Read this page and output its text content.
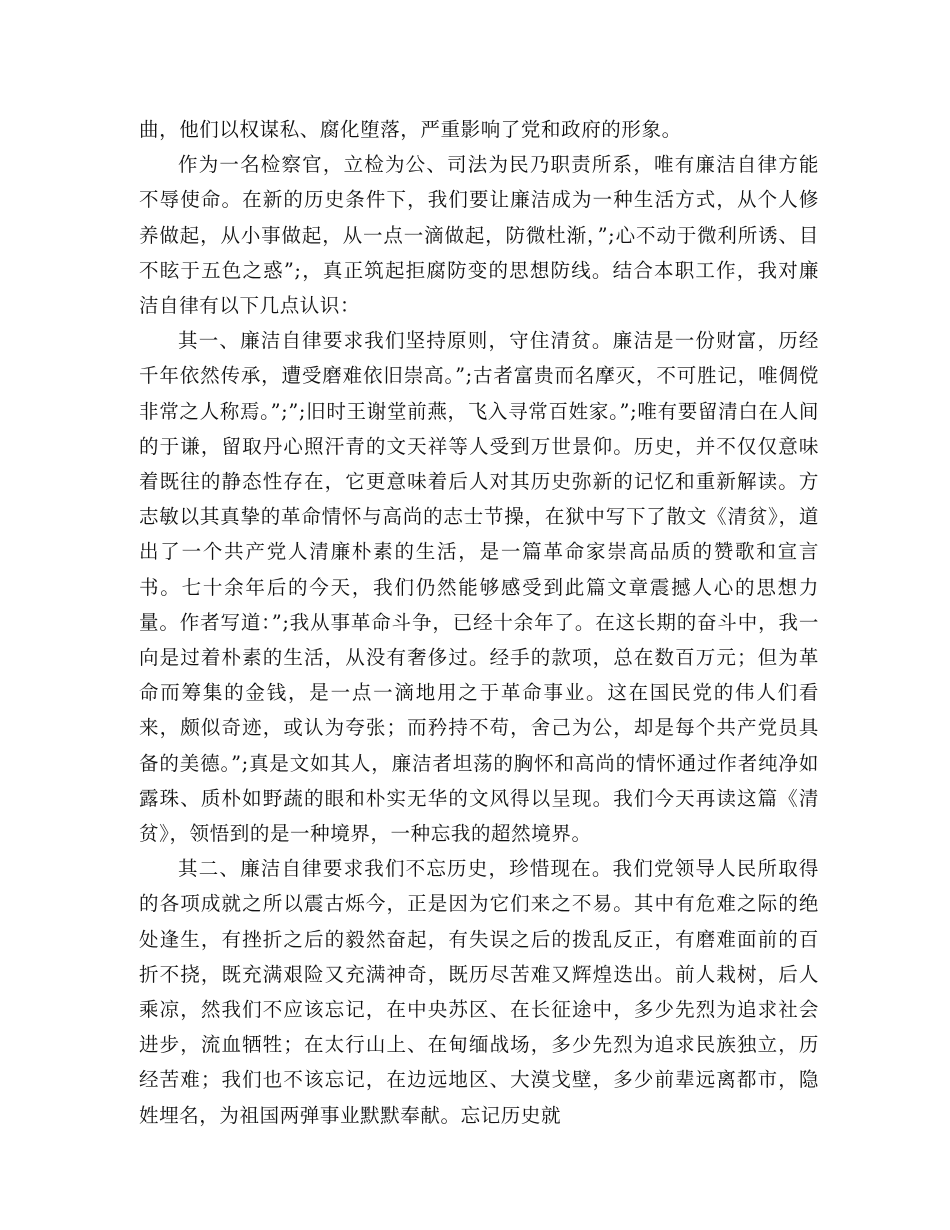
曲，他们以权谋私、腐化堕落，严重影响了党和政府的形象。

作为一名检察官，立检为公、司法为民乃职责所系，唯有廉洁自律方能不辱使命。在新的历史条件下，我们要让廉洁成为一种生活方式，从个人修养做起，从小事做起，从一点一滴做起，防微杜渐，”;心不动于微利所诱、目不眩于五色之惑”;，真正筑起拒腐防变的思想防线。结合本职工作，我对廉洁自律有以下几点认识：

其一、廉洁自律要求我们坚持原则，守住清贫。廉洁是一份财富，历经千年依然传承，遭受磨难依旧崇高。”;古者富贵而名摩灭，不可胜记，唯倜傥非常之人称焉。”;”;旧时王谢堂前燕，飞入寻常百姓家。”;唯有要留清白在人间的于谦，留取丹心照汗青的文天祥等人受到万世景仰。历史，并不仅仅意味着既往的静态性存在，它更意味着后人对其历史弥新的记忆和重新解读。方志敏以其真挚的革命情怀与高尚的志士节操，在狱中写下了散文《清贫》，道出了一个共产党人清廉朴素的生活，是一篇革命家崇高品质的赞歌和宣言书。七十余年后的今天，我们仍然能够感受到此篇文章震撼人心的思想力量。作者写道：”;我从事革命斗争，已经十余年了。在这长期的奋斗中，我一向是过着朴素的生活，从没有奢侈过。经手的款项，总在数百万元；但为革命而筹集的金钱，是一点一滴地用之于革命事业。这在国民党的伟人们看来，颇似奇迹，或认为夸张；而矜持不苟，舍己为公，却是每个共产党员具备的美德。”;真是文如其人，廉洁者坦荡的胸怀和高尚的情怀通过作者纯净如露珠、质朴如野蔬的眼和朴实无华的文风得以呈现。我们今天再读这篇《清贫》，领悟到的是一种境界，一种忘我的超然境界。

其二、廉洁自律要求我们不忘历史，珍惜现在。我们党领导人民所取得的各项成就之所以震古烁今，正是因为它们来之不易。其中有危难之际的绝处逢生，有挫折之后的毅然奋起，有失误之后的拨乱反正，有磨难面前的百折不挠，既充满艰险又充满神奇，既历尽苦难又辉煌迭出。前人栽树，后人乘凉，然我们不应该忘记，在中央苏区、在长征途中，多少先烈为追求社会进步，流血牺牲；在太行山上、在甸缅战场，多少先烈为追求民族独立，历经苦难；我们也不该忘记，在边远地区、大漠戈壁，多少前辈远离都市，隐姓埋名，为祖国两弹事业默默奉献。忘记历史就
